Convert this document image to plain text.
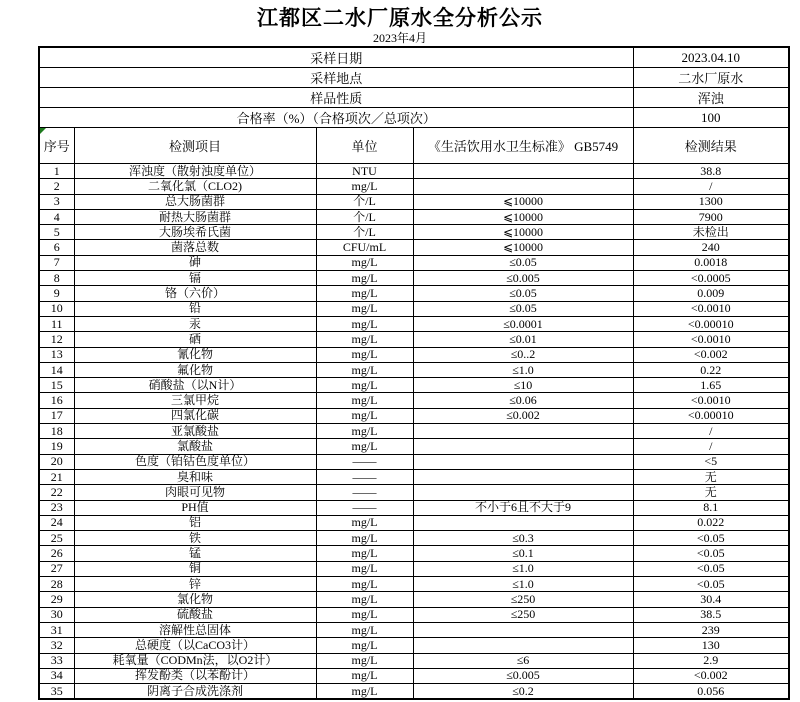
江都区二水厂原水全分析公示
2023年4月
采样日期				2023.04.10
采样地点				二水厂原水
样品性质				浑浊
合格率（%）（合格项次／总项次）				100

序号	检测项目	单位	《生活饮用水卫生标准》 GB5749	检测结果
1	浑浊度（散射浊度单位）	NTU		38.8
2	二氧化氯（CLO2)	mg/L		/
3	总大肠菌群	个/L	⩽10000	1300
4	耐热大肠菌群	个/L	⩽10000	7900
5	大肠埃希氏菌	个/L	⩽10000	未检出
6	菌落总数	CFU/mL	⩽10000	240
7	砷	mg/L	≤0.05	0.0018
8	镉	mg/L	≤0.005	<0.0005
9	铬（六价）	mg/L	≤0.05	0.009
10	铅	mg/L	≤0.05	<0.0010
11	汞	mg/L	≤0.0001	<0.00010
12	硒	mg/L	≤0.01	<0.0010
13	氰化物	mg/L	≤0..2	<0.002
14	氟化物	mg/L	≤1.0	0.22
15	硝酸盐（以N计）	mg/L	≤10	1.65
16	三氯甲烷	mg/L	≤0.06	<0.0010
17	四氯化碳	mg/L	≤0.002	<0.00010
18	亚氯酸盐	mg/L		/
19	氯酸盐	mg/L		/
20	色度（铂钴色度单位）	——		<5
21	臭和味	——		无
22	肉眼可见物	——		无
23	PH值	——	不小于6且不大于9	8.1
24	铝	mg/L		0.022
25	铁	mg/L	≤0.3	<0.05
26	锰	mg/L	≤0.1	<0.05
27	铜	mg/L	≤1.0	<0.05
28	锌	mg/L	≤1.0	<0.05
29	氯化物	mg/L	≤250	30.4
30	硫酸盐	mg/L	≤250	38.5
31	溶解性总固体	mg/L		239
32	总硬度（以CaCO3计）	mg/L		130
33	耗氧量（CODMn法，以O2计）	mg/L	≤6	2.9
34	挥发酚类（以苯酚计）	mg/L	≤0.005	<0.002
35	阴离子合成洗涤剂	mg/L	≤0.2	0.056
